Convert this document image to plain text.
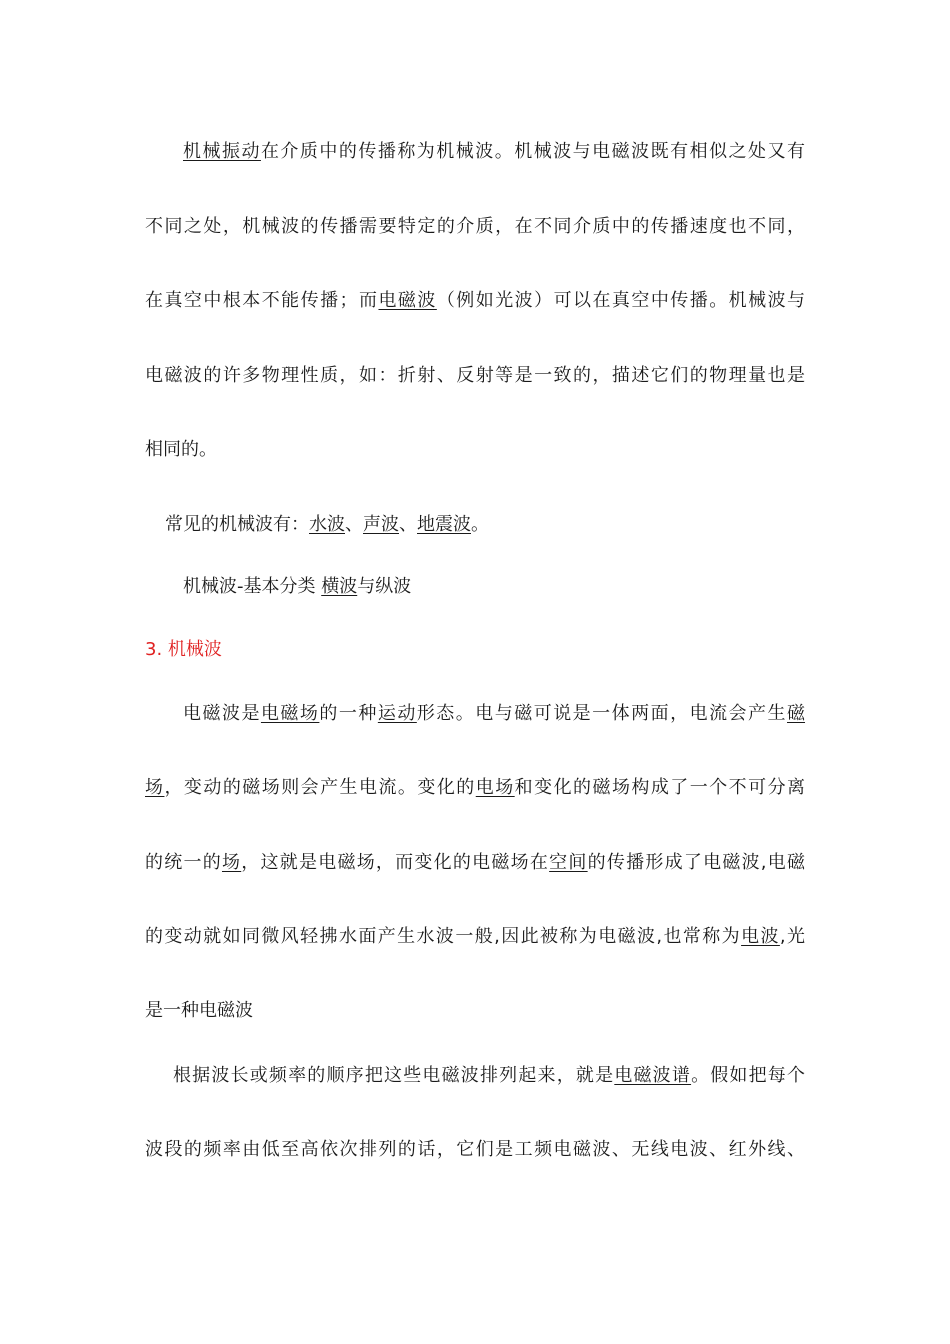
机械振动在介质中的传播称为机械波。机械波与电磁波既有相似之处又有
不同之处，机械波的传播需要特定的介质，在不同介质中的传播速度也不同，
在真空中根本不能传播；而电磁波（例如光波）可以在真空中传播。机械波与
电磁波的许多物理性质，如：折射、反射等是一致的，描述它们的物理量也是
相同的。
常见的机械波有：水波、声波、地震波。
机械波-基本分类 横波与纵波
3. 机械波
电磁波是电磁场的一种运动形态。电与磁可说是一体两面，电流会产生磁
场，变动的磁场则会产生电流。变化的电场和变化的磁场构成了一个不可分离
的统一的场，这就是电磁场，而变化的电磁场在空间的传播形成了电磁波,电磁
的变动就如同微风轻拂水面产生水波一般,因此被称为电磁波,也常称为电波,光
是一种电磁波
根据波长或频率的顺序把这些电磁波排列起来，就是电磁波谱。假如把每个
波段的频率由低至高依次排列的话，它们是工频电磁波、无线电波、红外线、
